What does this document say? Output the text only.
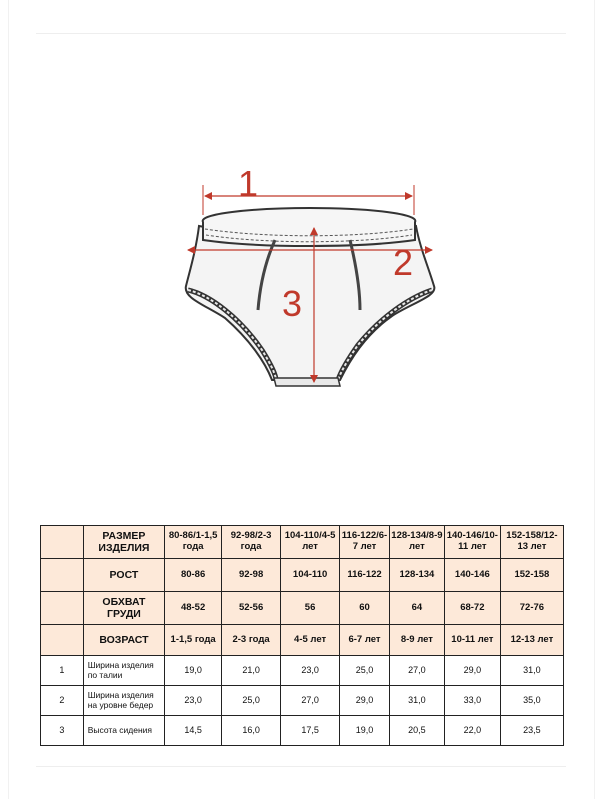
1
2
3
	РАЗМЕР ИЗДЕЛИЯ	80-86/1-1,5 года	92-98/2-3 года	104-110/4-5 лет	116-122/6-7 лет	128-134/8-9 лет	140-146/10-11 лет	152-158/12-13 лет
	РОСТ	80-86	92-98	104-110	116-122	128-134	140-146	152-158
	ОБХВАТ ГРУДИ	48-52	52-56	56	60	64	68-72	72-76
	ВОЗРАСТ	1-1,5 года	2-3 года	4-5 лет	6-7 лет	8-9 лет	10-11 лет	12-13 лет
1	Ширина изделия по талии	19,0	21,0	23,0	25,0	27,0	29,0	31,0
2	Ширина изделия на уровне бедер	23,0	25,0	27,0	29,0	31,0	33,0	35,0
3	Высота сидения	14,5	16,0	17,5	19,0	20,5	22,0	23,5
